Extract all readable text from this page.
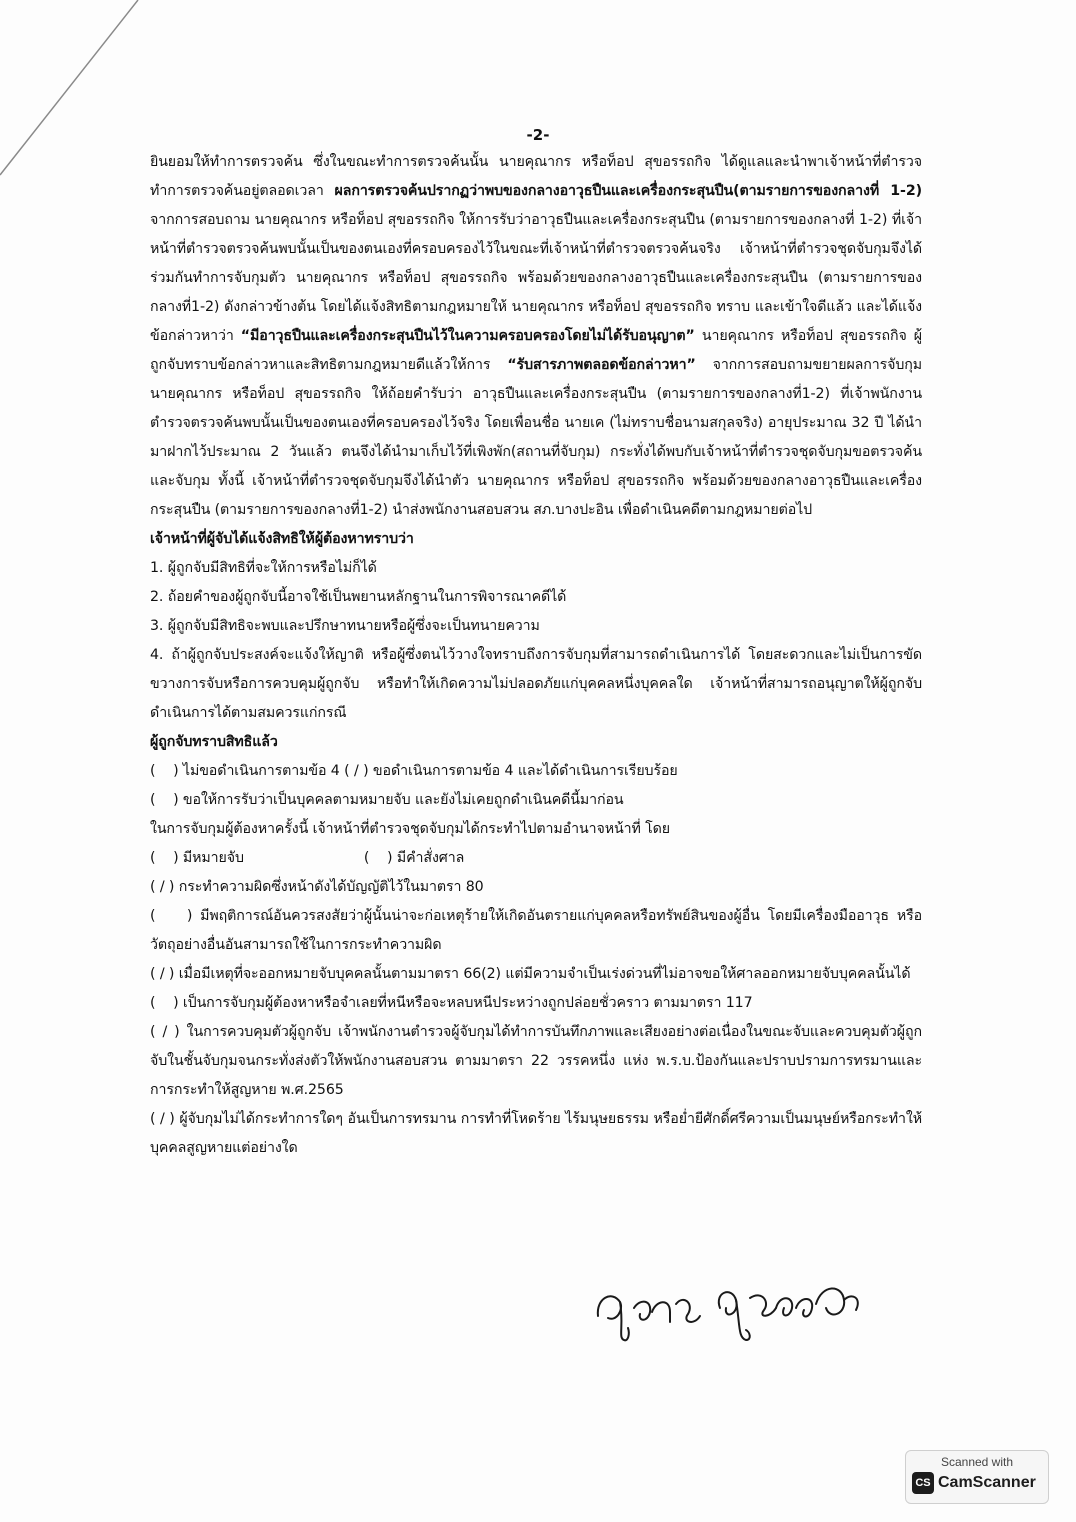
-2-

ยินยอมให้ทำการตรวจค้น ซึ่งในขณะทำการตรวจค้นนั้น นายคุณากร หรือท็อป สุขอรรถกิจ ได้ดูแลและนำพาเจ้าหน้าที่ตำรวจทำการตรวจค้นอยู่ตลอดเวลา ผลการตรวจค้นปรากฏว่าพบของกลางอาวุธปืนและเครื่องกระสุนปืน(ตามรายการของกลางที่ 1-2) จากการสอบถาม นายคุณากร หรือท็อป สุขอรรถกิจ ให้การรับว่าอาวุธปืนและเครื่องกระสุนปืน (ตามรายการของกลางที่ 1-2) ที่เจ้าหน้าที่ตำรวจตรวจค้นพบนั้นเป็นของตนเองที่ครอบครองไว้ในขณะที่เจ้าหน้าที่ตำรวจตรวจค้นจริง เจ้าหน้าที่ตำรวจชุดจับกุมจึงได้ร่วมกันทำการจับกุมตัว นายคุณากร หรือท็อป สุขอรรถกิจ พร้อมด้วยของกลางอาวุธปืนและเครื่องกระสุนปืน (ตามรายการของกลางที่1-2) ดังกล่าวข้างต้น โดยได้แจ้งสิทธิตามกฎหมายให้ นายคุณากร หรือท็อป สุขอรรถกิจ ทราบ และเข้าใจดีแล้ว และได้แจ้งข้อกล่าวหาว่า “มีอาวุธปืนและเครื่องกระสุนปืนไว้ในความครอบครองโดยไม่ได้รับอนุญาต” นายคุณากร หรือท็อป สุขอรรถกิจ ผู้ถูกจับทราบข้อกล่าวหาและสิทธิตามกฎหมายดีแล้วให้การ “รับสารภาพตลอดข้อกล่าวหา” จากการสอบถามขยายผลการจับกุม นายคุณากร หรือท็อป สุขอรรถกิจ ให้ถ้อยคำรับว่า อาวุธปืนและเครื่องกระสุนปืน (ตามรายการของกลางที่1-2) ที่เจ้าพนักงานตำรวจตรวจค้นพบนั้นเป็นของตนเองที่ครอบครองไว้จริง โดยเพื่อนชื่อ นายเค (ไม่ทราบชื่อนามสกุลจริง) อายุประมาณ 32 ปี ได้นำมาฝากไว้ประมาณ 2 วันแล้ว ตนจึงได้นำมาเก็บไว้ที่เพิงพัก(สถานที่จับกุม) กระทั่งได้พบกับเจ้าหน้าที่ตำรวจชุดจับกุมขอตรวจค้นและจับกุม ทั้งนี้ เจ้าหน้าที่ตำรวจชุดจับกุมจึงได้นำตัว นายคุณากร หรือท็อป สุขอรรถกิจ พร้อมด้วยของกลางอาวุธปืนและเครื่องกระสุนปืน (ตามรายการของกลางที่1-2) นำส่งพนักงานสอบสวน สภ.บางปะอิน เพื่อดำเนินคดีตามกฎหมายต่อไป

เจ้าหน้าที่ผู้จับได้แจ้งสิทธิให้ผู้ต้องหาทราบว่า

1. ผู้ถูกจับมีสิทธิที่จะให้การหรือไม่ก็ได้

2. ถ้อยคำของผู้ถูกจับนี้อาจใช้เป็นพยานหลักฐานในการพิจารณาคดีได้

3. ผู้ถูกจับมีสิทธิจะพบและปรึกษาทนายหรือผู้ซึ่งจะเป็นทนายความ

4. ถ้าผู้ถูกจับประสงค์จะแจ้งให้ญาติ หรือผู้ซึ่งตนไว้วางใจทราบถึงการจับกุมที่สามารถดำเนินการได้ โดยสะดวกและไม่เป็นการขัดขวางการจับหรือการควบคุมผู้ถูกจับ หรือทำให้เกิดความไม่ปลอดภัยแก่บุคคลหนึ่งบุคคลใด เจ้าหน้าที่สามารถอนุญาตให้ผู้ถูกจับดำเนินการได้ตามสมควรแก่กรณี

ผู้ถูกจับทราบสิทธิแล้ว

(    ) ไม่ขอดำเนินการตามข้อ 4 ( / ) ขอดำเนินการตามข้อ 4 และได้ดำเนินการเรียบร้อย

(    ) ขอให้การรับว่าเป็นบุคคลตามหมายจับ และยังไม่เคยถูกดำเนินคดีนี้มาก่อน

ในการจับกุมผู้ต้องหาครั้งนี้ เจ้าหน้าที่ตำรวจชุดจับกุมได้กระทำไปตามอำนาจหน้าที่ โดย

(    ) มีหมายจับ	(    ) มีคำสั่งศาล

( / ) กระทำความผิดซึ่งหน้าดังได้บัญญัติไว้ในมาตรา 80

(    ) มีพฤติการณ์อันควรสงสัยว่าผู้นั้นน่าจะก่อเหตุร้ายให้เกิดอันตรายแก่บุคคลหรือทรัพย์สินของผู้อื่น โดยมีเครื่องมืออาวุธ หรือวัตถุอย่างอื่นอันสามารถใช้ในการกระทำความผิด

( / ) เมื่อมีเหตุที่จะออกหมายจับบุคคลนั้นตามมาตรา 66(2) แต่มีความจำเป็นเร่งด่วนที่ไม่อาจขอให้ศาลออกหมายจับบุคคลนั้นได้

(    ) เป็นการจับกุมผู้ต้องหาหรือจำเลยที่หนีหรือจะหลบหนีประหว่างถูกปล่อยชั่วคราว ตามมาตรา 117

( / ) ในการควบคุมตัวผู้ถูกจับ เจ้าพนักงานตำรวจผู้จับกุมได้ทำการบันทึกภาพและเสียงอย่างต่อเนื่องในขณะจับและควบคุมตัวผู้ถูกจับในชั้นจับกุมจนกระทั่งส่งตัวให้พนักงานสอบสวน ตามมาตรา 22 วรรคหนึ่ง แห่ง พ.ร.บ.ป้องกันและปราบปรามการทรมานและการกระทำให้สูญหาย พ.ศ.2565

( / ) ผู้จับกุมไม่ได้กระทำการใดๆ อันเป็นการทรมาน การทำที่โหดร้าย ไร้มนุษยธรรม หรือย่ำยีศักดิ์ศรีความเป็นมนุษย์หรือกระทำให้บุคคลสูญหายแต่อย่างใด

Scanned with
CS CamScanner
